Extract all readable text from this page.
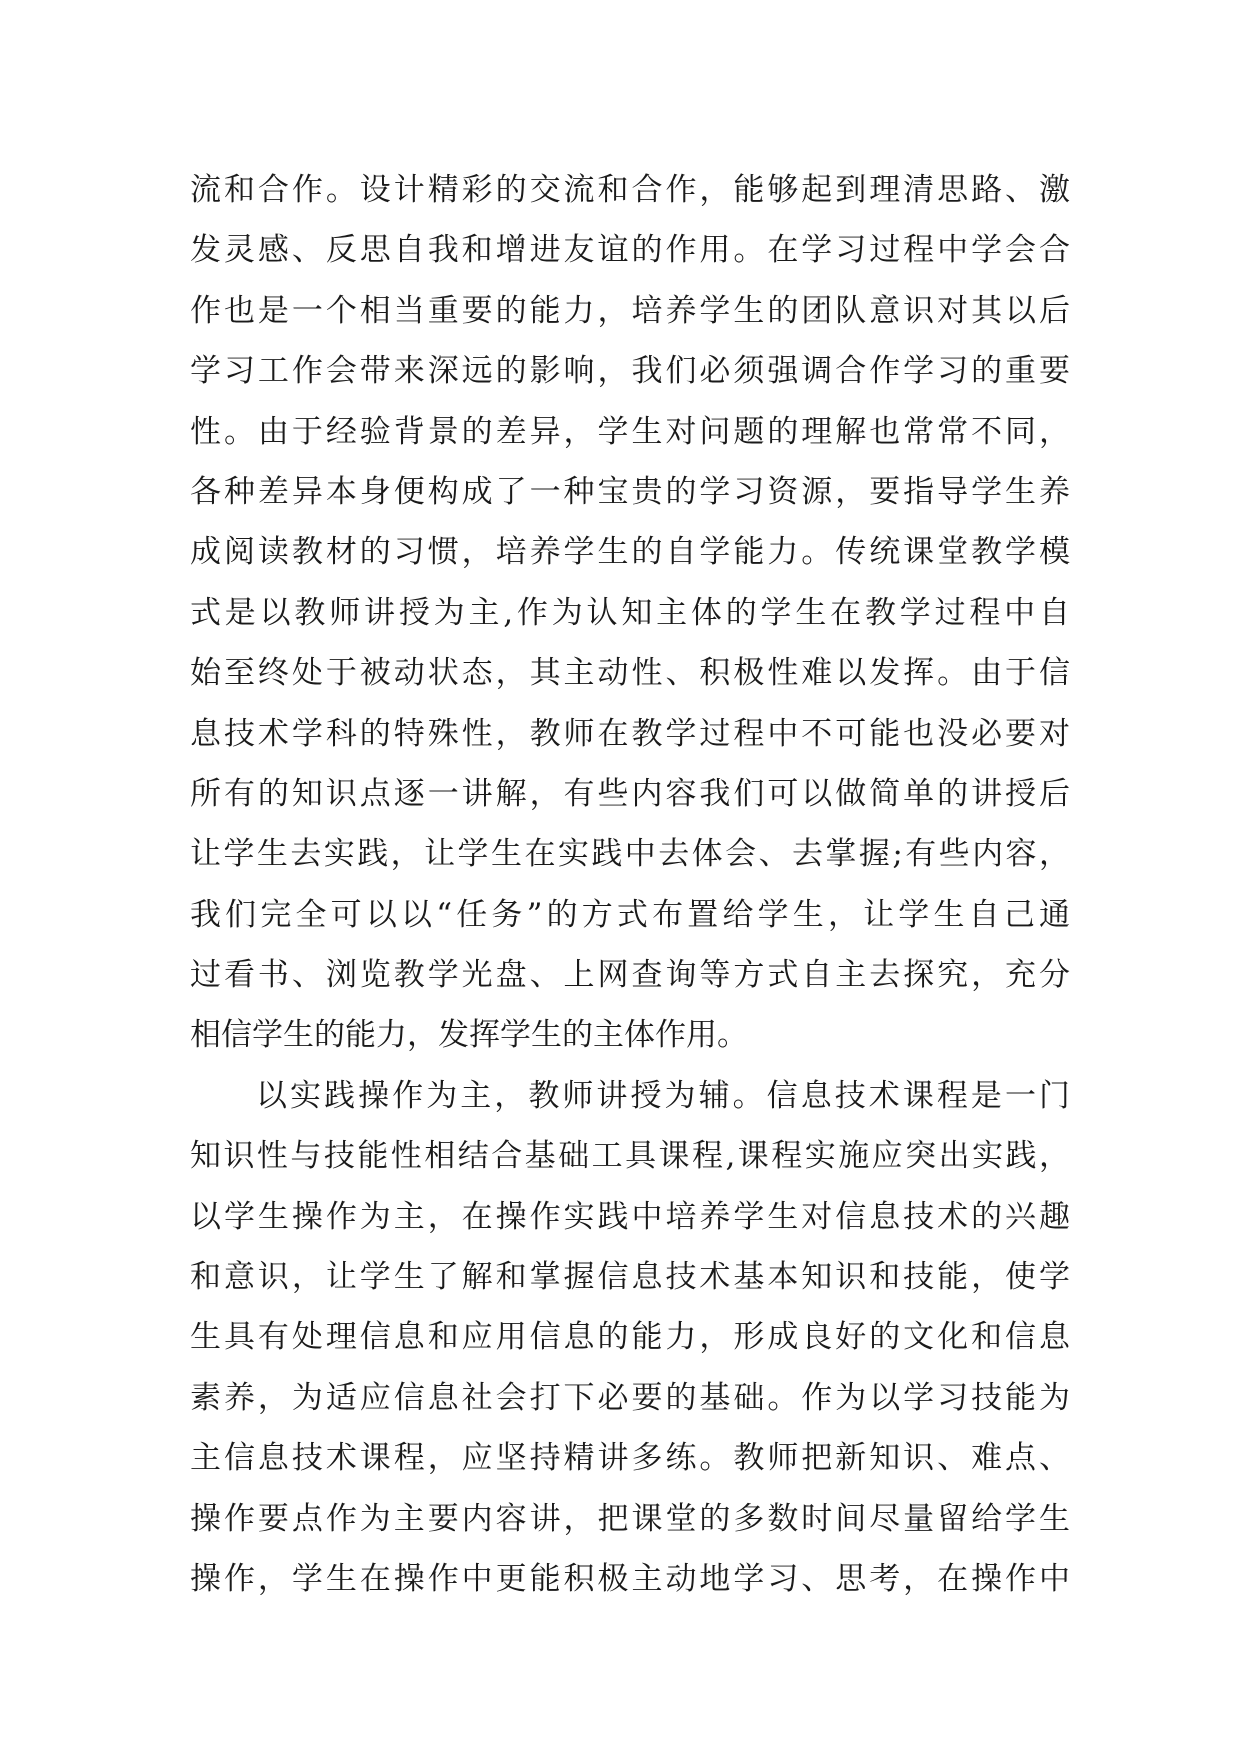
流和合作。设计精彩的交流和合作，能够起到理清思路、激
发灵感、反思自我和增进友谊的作用。在学习过程中学会合
作也是一个相当重要的能力，培养学生的团队意识对其以后
学习工作会带来深远的影响，我们必须强调合作学习的重要
性。由于经验背景的差异，学生对问题的理解也常常不同，
各种差异本身便构成了一种宝贵的学习资源，要指导学生养
成阅读教材的习惯，培养学生的自学能力。传统课堂教学模
式是以教师讲授为主,作为认知主体的学生在教学过程中自
始至终处于被动状态，其主动性、积极性难以发挥。由于信
息技术学科的特殊性，教师在教学过程中不可能也没必要对
所有的知识点逐一讲解，有些内容我们可以做简单的讲授后
让学生去实践，让学生在实践中去体会、去掌握;有些内容，
我们完全可以以“任务”的方式布置给学生，让学生自己通
过看书、浏览教学光盘、上网查询等方式自主去探究，充分
相信学生的能力，发挥学生的主体作用。
以实践操作为主，教师讲授为辅。信息技术课程是一门
知识性与技能性相结合基础工具课程,课程实施应突出实践，
以学生操作为主，在操作实践中培养学生对信息技术的兴趣
和意识，让学生了解和掌握信息技术基本知识和技能，使学
生具有处理信息和应用信息的能力，形成良好的文化和信息
素养，为适应信息社会打下必要的基础。作为以学习技能为
主信息技术课程，应坚持精讲多练。教师把新知识、难点、
操作要点作为主要内容讲，把课堂的多数时间尽量留给学生
操作，学生在操作中更能积极主动地学习、思考，在操作中
